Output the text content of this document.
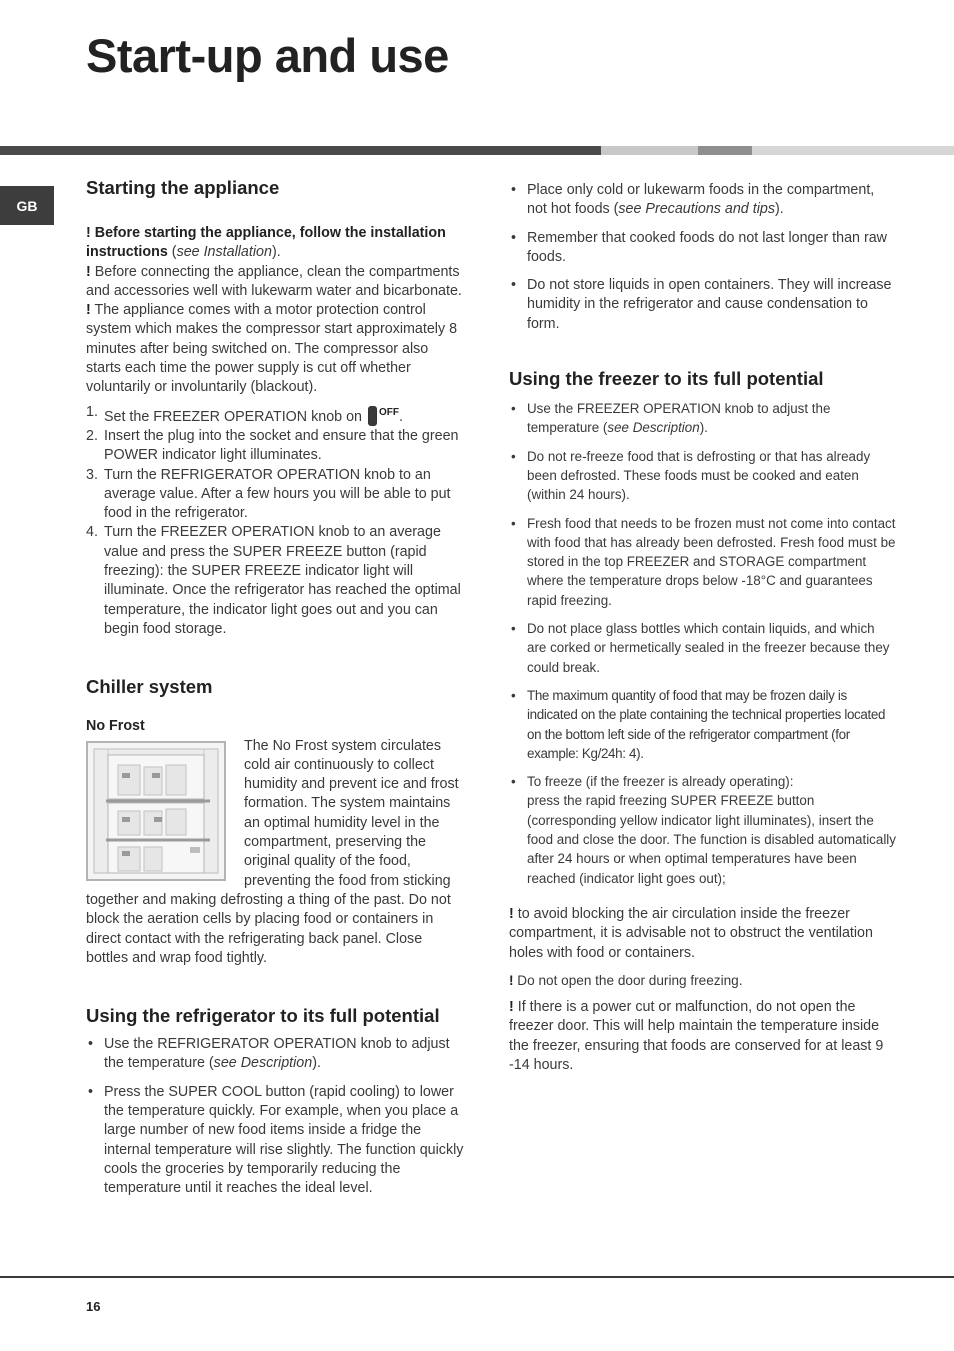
Start-up and use
GB
Starting the appliance

! Before starting the appliance, follow the installation instructions (see Installation).

! Before connecting the appliance, clean the compartments and accessories well with lukewarm water and bicarbonate.

! The appliance comes with a motor protection control system which makes the compressor start approximately 8 minutes after being switched on. The compressor also starts each time the power supply is cut off whether voluntarily or involuntarily (blackout).

1. Set the FREEZER OPERATION knob on $^{OFF}$.
2. Insert the plug into the socket and ensure that the green POWER indicator light illuminates.
3. Turn the REFRIGERATOR OPERATION knob to an average value. After a few hours you will be able to put food in the refrigerator.
4. Turn the FREEZER OPERATION knob to an average value and press the SUPER FREEZE button (rapid freezing): the SUPER FREEZE indicator light will illuminate. Once the refrigerator has reached the optimal temperature, the indicator light goes out and you can begin food storage.
Chiller system
No Frost

The No Frost system circulates cold air continuously to collect humidity and prevent ice and frost formation. The system maintains an optimal humidity level in the compartment, preserving the original quality of the food, preventing the food from sticking together and making defrosting a thing of the past. Do not block the aeration cells by placing food or containers in direct contact with the refrigerating back panel. Close bottles and wrap food tightly.

Using the refrigerator to its full potential
• Use the REFRIGERATOR OPERATION knob to adjust the temperature (see Description).
• Press the SUPER COOL button (rapid cooling) to lower the temperature quickly. For example, when you place a large number of new food items inside a fridge the internal temperature will rise slightly. The function quickly cools the groceries by temporarily reducing the temperature until it reaches the ideal level.
• Place only cold or lukewarm foods in the compartment, not hot foods (see Precautions and tips).
• Remember that cooked foods do not last longer than raw foods.
• Do not store liquids in open containers. They will increase humidity in the refrigerator and cause condensation to form.
Using the freezer to its full potential
• Use the FREEZER OPERATION knob to adjust the temperature (see Description).
• Do not re-freeze food that is defrosting or that has already been defrosted. These foods must be cooked and eaten (within 24 hours).
• Fresh food that needs to be frozen must not come into contact with food that has already been defrosted. Fresh food must be stored in the top FREEZER and STORAGE compartment where the temperature drops below -18°C and guarantees rapid freezing.
• Do not place glass bottles which contain liquids, and which are corked or hermetically sealed in the freezer because they could break.
• The maximum quantity of food that may be frozen daily is indicated on the plate containing the technical properties located on the bottom left side of the refrigerator compartment (for example: Kg/24h: 4).
• To freeze (if the freezer is already operating):
press the rapid freezing SUPER FREEZE button (corresponding yellow indicator light illuminates), insert the food and close the door. The function is disabled automatically after 24 hours or when optimal temperatures have been reached (indicator light goes out);

! to avoid blocking the air circulation inside the freezer compartment, it is advisable not to obstruct the ventilation holes with food or containers.

! Do not open the door during freezing.

! If there is a power cut or malfunction, do not open the freezer door. This will help maintain the temperature inside the freezer, ensuring that foods are conserved for at least 9 -14 hours.

16
